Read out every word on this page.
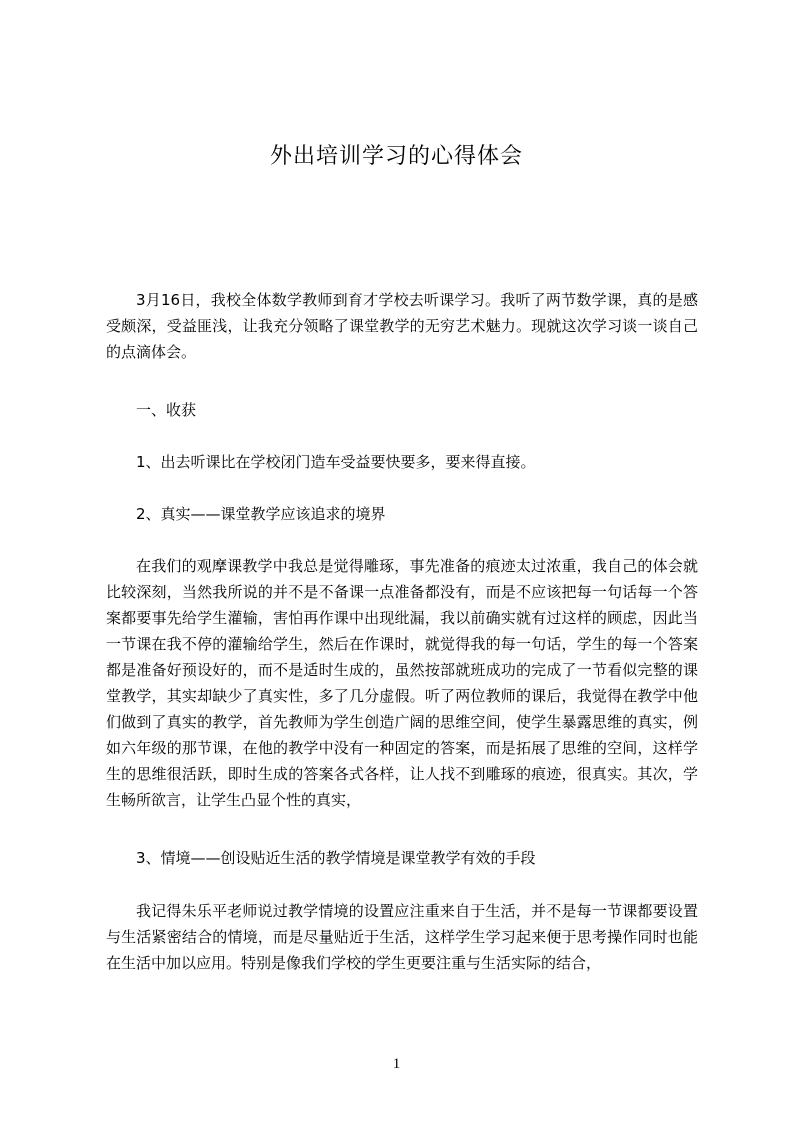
外出培训学习的心得体会

3月16日，我校全体数学教师到育才学校去听课学习。我听了两节数学课，真的是感受颇深，受益匪浅，让我充分领略了课堂教学的无穷艺术魅力。现就这次学习谈一谈自己的点滴体会。

一、收获
1、出去听课比在学校闭门造车受益要快要多，要来得直接。
2、真实——课堂教学应该追求的境界

在我们的观摩课教学中我总是觉得雕琢，事先准备的痕迹太过浓重，我自己的体会就比较深刻，当然我所说的并不是不备课一点准备都没有，而是不应该把每一句话每一个答案都要事先给学生灌输，害怕再作课中出现纰漏，我以前确实就有过这样的顾虑，因此当一节课在我不停的灌输给学生，然后在作课时，就觉得我的每一句话，学生的每一个答案都是准备好预设好的，而不是适时生成的，虽然按部就班成功的完成了一节看似完整的课堂教学，其实却缺少了真实性，多了几分虚假。听了两位教师的课后，我觉得在教学中他们做到了真实的教学，首先教师为学生创造广阔的思维空间，使学生暴露思维的真实，例如六年级的那节课，在他的教学中没有一种固定的答案，而是拓展了思维的空间，这样学生的思维很活跃，即时生成的答案各式各样，让人找不到雕琢的痕迹，很真实。其次，学生畅所欲言，让学生凸显个性的真实，

3、情境——创设贴近生活的教学情境是课堂教学有效的手段

我记得朱乐平老师说过教学情境的设置应注重来自于生活，并不是每一节课都要设置与生活紧密结合的情境，而是尽量贴近于生活，这样学生学习起来便于思考操作同时也能在生活中加以应用。特别是像我们学校的学生更要注重与生活实际的结合，

1
